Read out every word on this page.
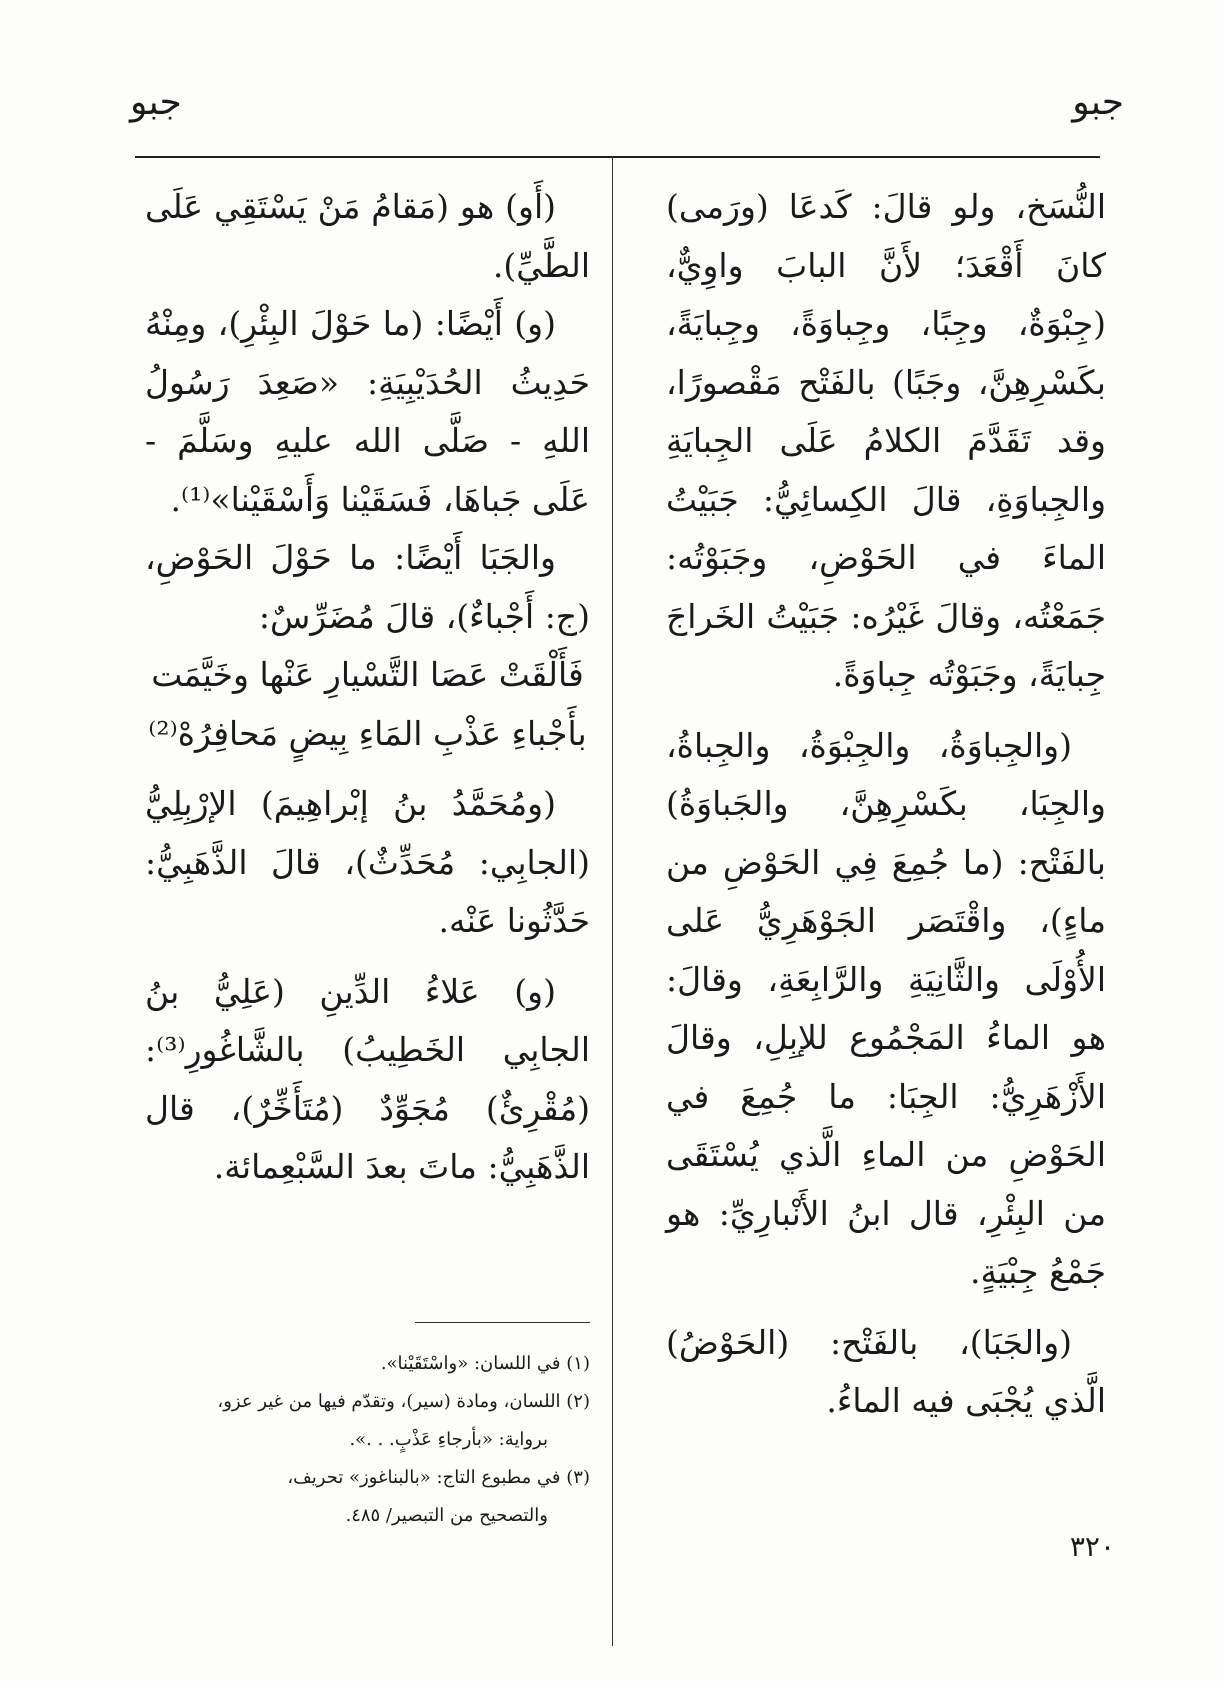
جبو
جبو

النُّسَخ، ولو قالَ: كَدعَا (ورَمى) كانَ أَقْعَدَ؛ لأَنَّ البابَ واوِيٌّ، (جِبْوَةٌ، وجِبًا، وجِباوَةً، وجِبايَةً، بكَسْرِهِنَّ، وجَبًا) بالفَتْح مَقْصورًا، وقد تَقَدَّمَ الكلامُ عَلَى الجِبايَةِ والجِباوَةِ، قالَ الكِسائِيُّ: جَبَيْتُ الماءَ في الحَوْضِ، وجَبَوْتُه: جَمَعْتُه، وقالَ غَيْرُه: جَبَيْتُ الخَراجَ جِبايَةً، وجَبَوْتُه جِباوَةً.

(والجِباوَةُ، والجِبْوَةُ، والجِباةُ، والجِبَا، بكَسْرِهِنَّ، والجَباوَةُ) بالفَتْح: (ما جُمِعَ فِي الحَوْضِ من ماءٍ)، واقْتَصَر الجَوْهَرِيُّ عَلى الأُوْلَى والثَّانِيَةِ والرَّابِعَةِ، وقالَ: هو الماءُ المَجْمُوع للإبِلِ، وقالَ الأَزْهَرِيُّ: الجِبَا: ما جُمِعَ في الحَوْضِ من الماءِ الَّذي يُسْتَقَى من البِئْرِ، قال ابنُ الأَنْبارِيِّ: هو جَمْعُ جِبْيَةٍ.

(والجَبَا)، بالفَتْح: (الحَوْضُ) الَّذي يُجْبَى فيه الماءُ.

(أَو) هو (مَقامُ مَنْ يَسْتَقِي عَلَى الطَّيِّ).

(و) أَيْضًا: (ما حَوْلَ البِئْرِ)، ومِنْهُ حَدِيثُ الحُدَيْبِيَةِ: «صَعِدَ رَسُولُ اللهِ - صَلَّى الله عليهِ وسَلَّمَ - عَلَى جَباهَا، فَسَقَيْنا وَأَسْقَيْنا»⁽¹⁾.

والجَبَا أَيْضًا: ما حَوْلَ الحَوْضِ، (ج: أَجْباءٌ)، قالَ مُضَرِّسٌ:

فَأَلْقَتْ عَصَا التَّسْيارِ عَنْها وخَيَّمَت

بأَجْباءِ عَذْبِ المَاءِ بِيضٍ مَحافِرُهْ⁽²⁾

(ومُحَمَّدُ بنُ إبْراهِيمَ) الإرْبِلِيُّ (الجابِي: مُحَدِّثٌ)، قالَ الذَّهَبِيُّ: حَدَّثُونا عَنْه.

(و) عَلاءُ الدِّينِ (عَلِيُّ بنُ الجابِي الخَطِيبُ) بالشَّاغُورِ⁽³⁾: (مُقْرِئٌ) مُجَوِّدٌ (مُتَأَخِّرٌ)، قال الذَّهَبِيُّ: ماتَ بعدَ السَّبْعِمائة.

(١) في اللسان: «واسْتَقَيْنا».

(٢) اللسان، ومادة (سير)، وتقدّم فيها من غير عزو،

برواية: «بأرجاءِ عَذْبٍ. . .».

(٣) في مطبوع التاج: «بالبناغوز» تحريف،

والتصحيح من التبصير/ ٤٨٥.

٣٢٠
